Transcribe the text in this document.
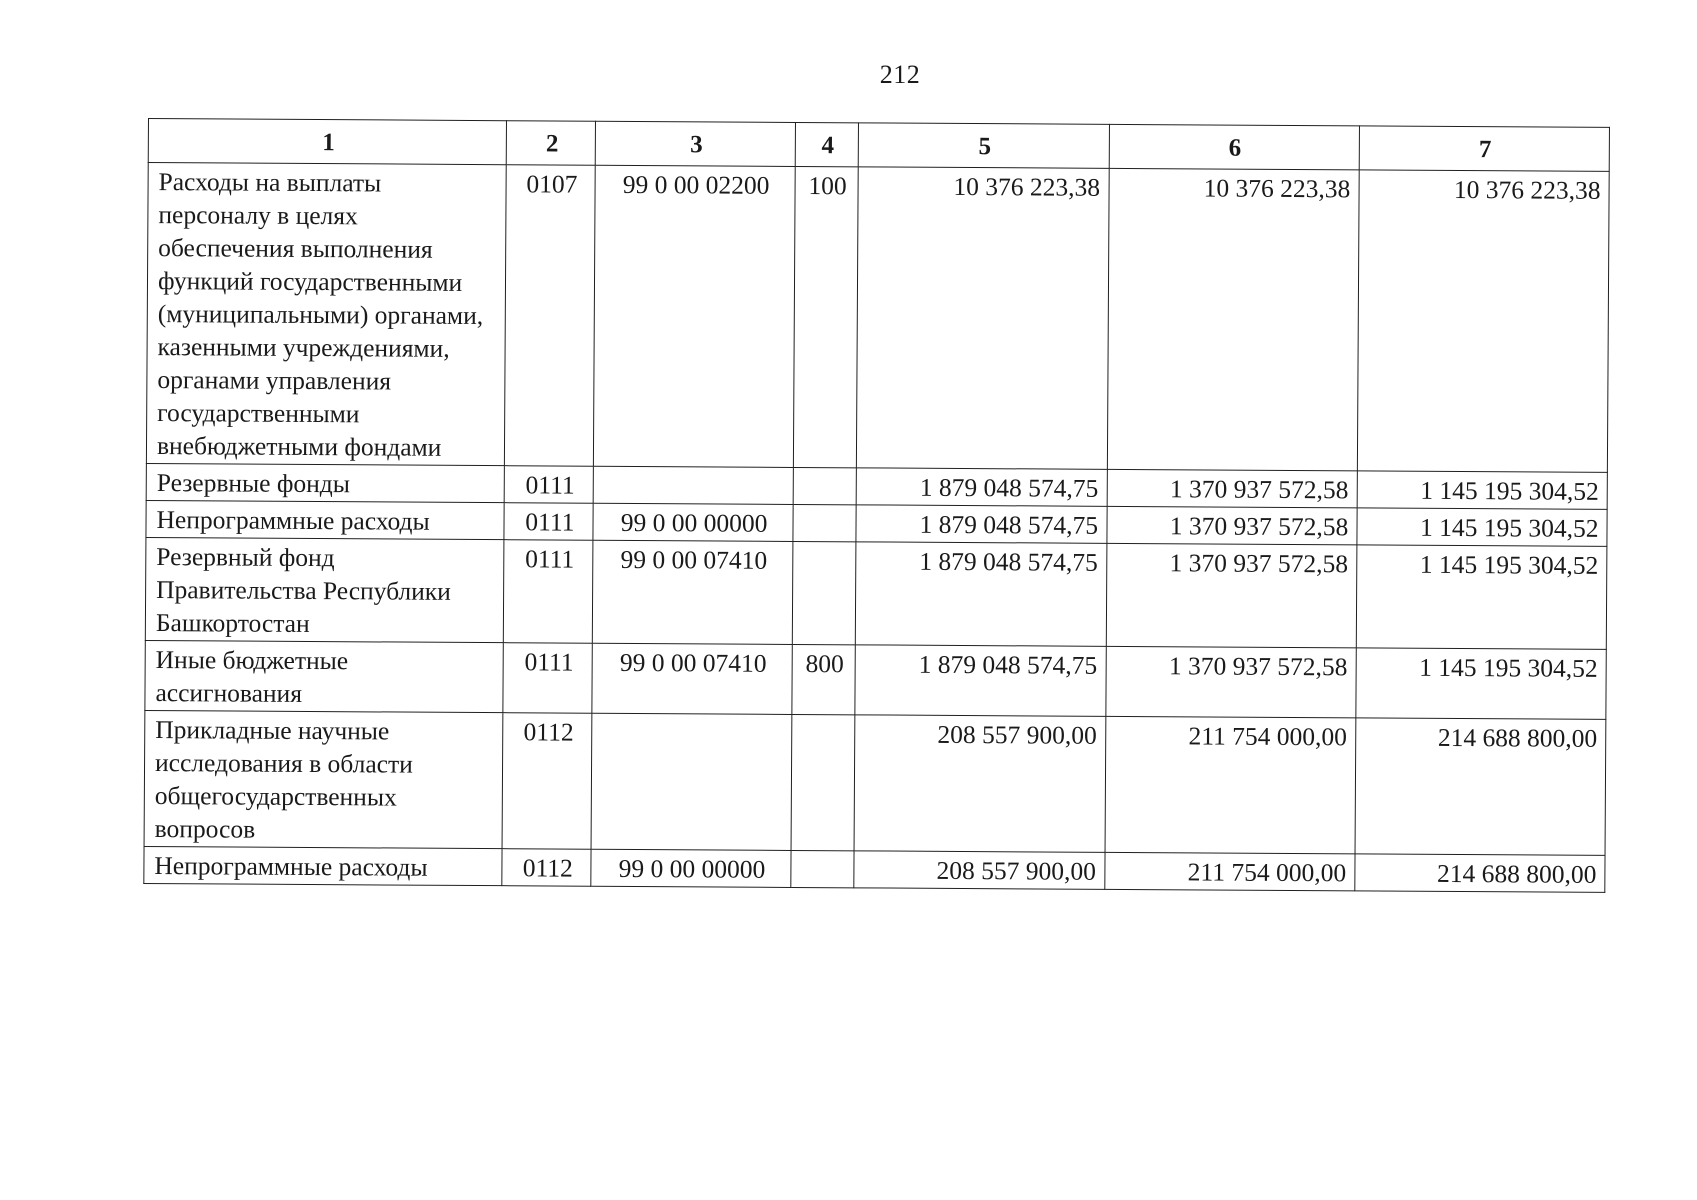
212
1	2	3	4	5	6	7
Расходы на выплаты персоналу в целях обеспечения выполнения функций государственными (муниципальными) органами, казенными учреждениями, органами управления государственными внебюджетными фондами	0107	99 0 00 02200	100	10 376 223,38	10 376 223,38	10 376 223,38
Резервные фонды	0111			1 879 048 574,75	1 370 937 572,58	1 145 195 304,52
Непрограммные расходы	0111	99 0 00 00000		1 879 048 574,75	1 370 937 572,58	1 145 195 304,52
Резервный фонд Правительства Республики Башкортостан	0111	99 0 00 07410		1 879 048 574,75	1 370 937 572,58	1 145 195 304,52
Иные бюджетные ассигнования	0111	99 0 00 07410	800	1 879 048 574,75	1 370 937 572,58	1 145 195 304,52
Прикладные научные исследования в области общегосударственных вопросов	0112			208 557 900,00	211 754 000,00	214 688 800,00
Непрограммные расходы	0112	99 0 00 00000		208 557 900,00	211 754 000,00	214 688 800,00
